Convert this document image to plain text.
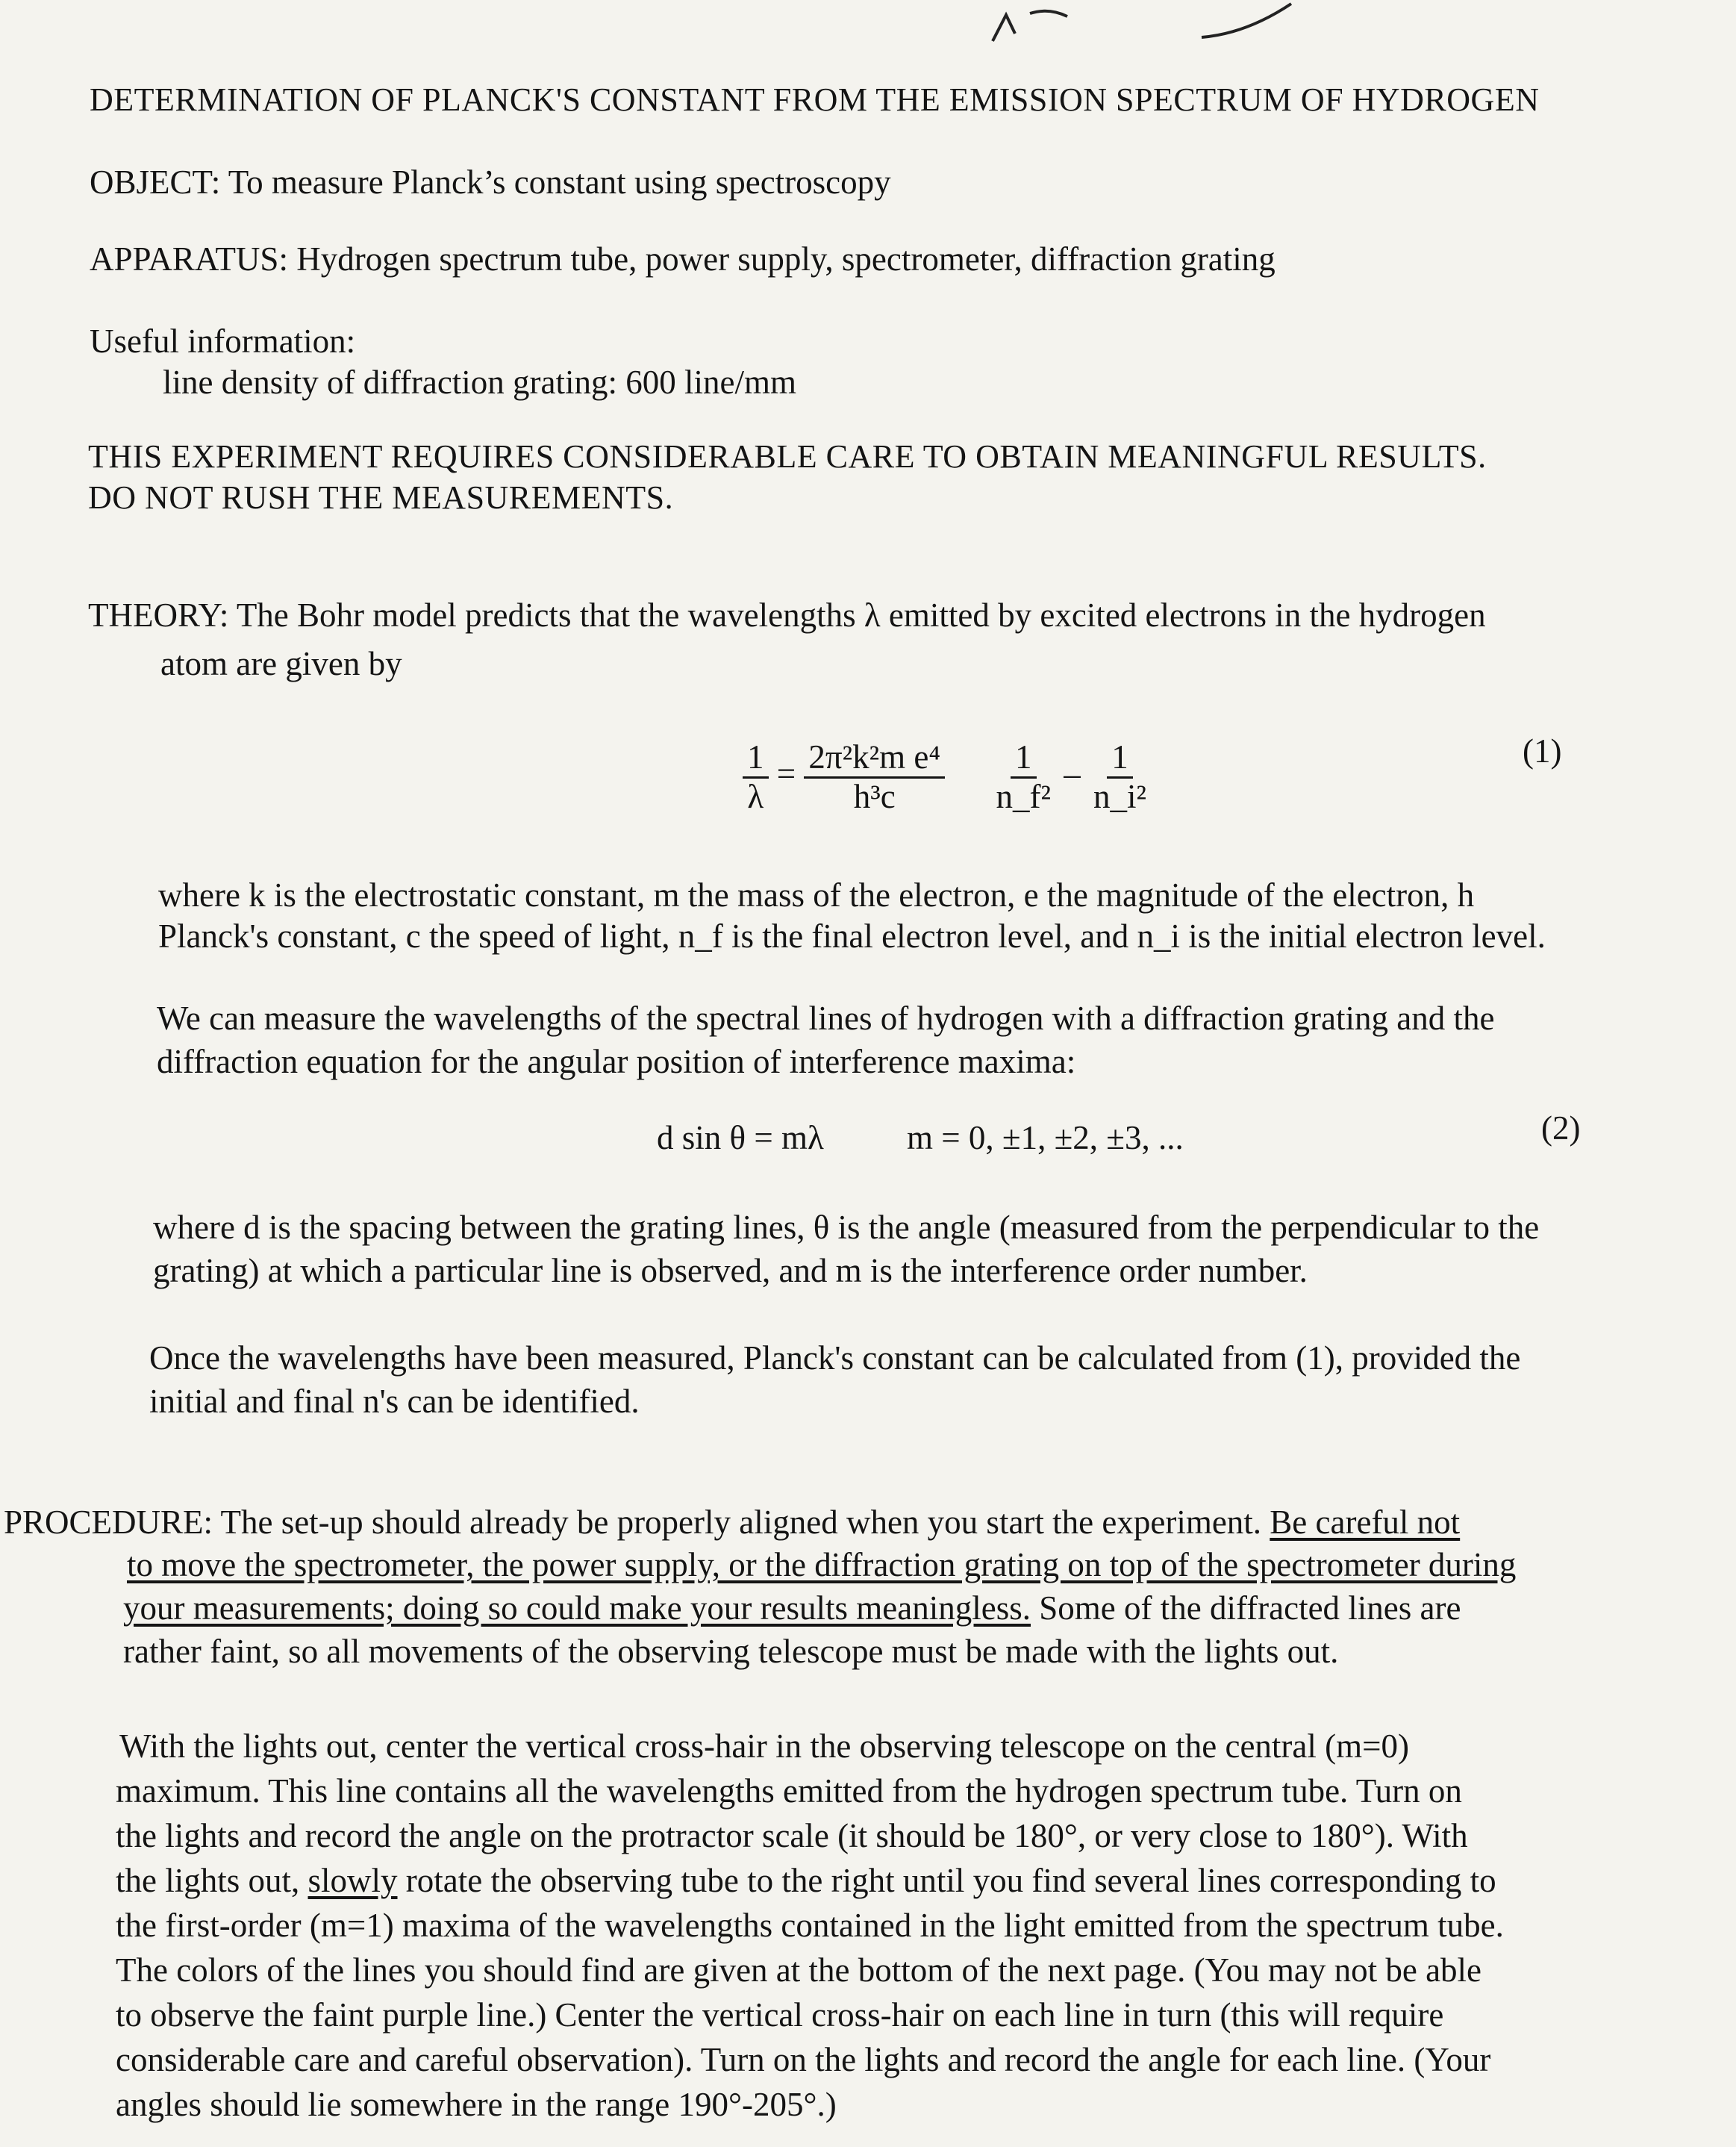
DETERMINATION OF PLANCK'S CONSTANT FROM THE EMISSION SPECTRUM OF HYDROGEN
OBJECT: To measure Planck’s constant using spectroscopy
APPARATUS: Hydrogen spectrum tube, power supply, spectrometer, diffraction grating
Useful information:
line density of diffraction grating: 600 line/mm
THIS EXPERIMENT REQUIRES CONSIDERABLE CARE TO OBTAIN MEANINGFUL RESULTS.
DO NOT RUSH THE MEASUREMENTS.
THEORY: The Bohr model predicts that the wavelengths λ emitted by excited electrons in the hydrogen
atom are given by
$\frac{1}{\lambda} = \frac{\text{2π²k²m e⁴}}{\text{h³c}}$
$\frac{1}{\text{n\_f²}} - \frac{1}{\text{n\_i²}}$	(1)
where k is the electrostatic constant, m the mass of the electron, e the magnitude of the electron, h
Planck's constant, c the speed of light, n_f is the final electron level, and n_i is the initial electron level.
We can measure the wavelengths of the spectral lines of hydrogen with a diffraction grating and the
diffraction equation for the angular position of interference maxima:
d sin θ = mλ m = 0, ±1, ±2, ±3, ...	(2)
where d is the spacing between the grating lines, θ is the angle (measured from the perpendicular to the
grating) at which a particular line is observed, and m is the interference order number.
Once the wavelengths have been measured, Planck's constant can be calculated from (1), provided the
initial and final n's can be identified.
PROCEDURE: The set-up should already be properly aligned when you start the experiment. Be careful not
to move the spectrometer, the power supply, or the diffraction grating on top of the spectrometer during
your measurements; doing so could make your results meaningless. Some of the diffracted lines are
rather faint, so all movements of the observing telescope must be made with the lights out.
With the lights out, center the vertical cross-hair in the observing telescope on the central (m=0)
maximum. This line contains all the wavelengths emitted from the hydrogen spectrum tube. Turn on
the lights and record the angle on the protractor scale (it should be 180°, or very close to 180°). With
the lights out, slowly rotate the observing tube to the right until you find several lines corresponding to
the first-order (m=1) maxima of the wavelengths contained in the light emitted from the spectrum tube.
The colors of the lines you should find are given at the bottom of the next page. (You may not be able
to observe the faint purple line.) Center the vertical cross-hair on each line in turn (this will require
considerable care and careful observation). Turn on the lights and record the angle for each line. (Your
angles should lie somewhere in the range 190°-205°.)
